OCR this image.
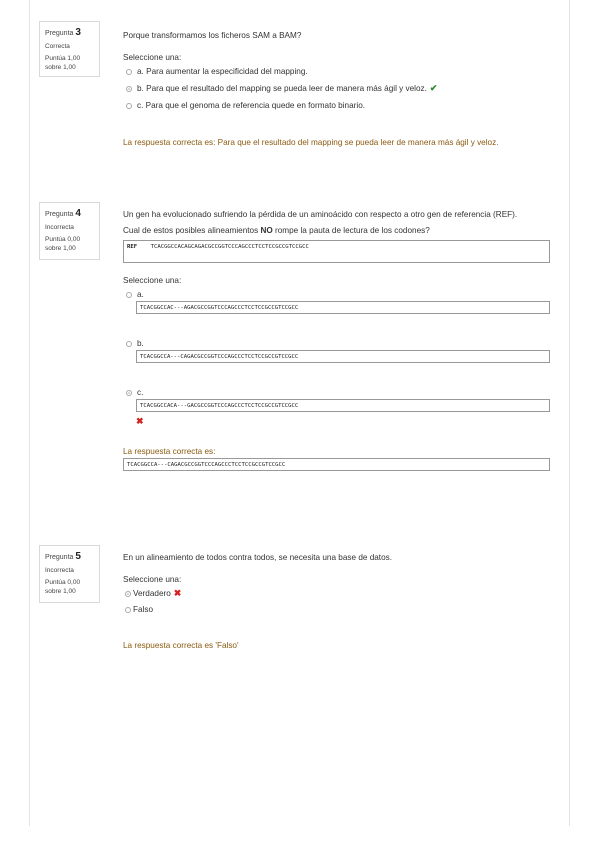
Pregunta 3
Correcta
Puntúa 1,00
sobre 1,00
Porque transformamos los ficheros SAM a BAM?
Seleccione una:
a. Para aumentar la especificidad del mapping.
b. Para que el resultado del mapping se pueda leer de manera más ágil y veloz. ✔
c. Para que el genoma de referencia quede en formato binario.
La respuesta correcta es: Para que el resultado del mapping se pueda leer de manera más ágil y veloz.
Pregunta 4
Incorrecta
Puntúa 0,00
sobre 1,00
Un gen ha evolucionado sufriendo la pérdida de un aminoácido con respecto a otro gen de referencia (REF).
Cual de estos posibles alineamientos NO rompe la pauta de lectura de los codones?
REF TCACGGCCACAGCAGACGCCGGTCCCAGCCCTCCTCCGCCGTCCGCC
Seleccione una:
a.
TCACGGCCAC---AGACGCCGGTCCCAGCCCTCCTCCGCCGTCCGCC
b.
TCACGGCCA---CAGACGCCGGTCCCAGCCCTCCTCCGCCGTCCGCC
c.
TCACGGCCACA---GACGCCGGTCCCAGCCCTCCTCCGCCGTCCGCC
✖
La respuesta correcta es:
TCACGGCCA---CAGACGCCGGTCCCAGCCCTCCTCCGCCGTCCGCC
Pregunta 5
Incorrecta
Puntúa 0,00
sobre 1,00
En un alineamiento de todos contra todos, se necesita una base de datos.
Seleccione una:
Verdadero ✖
Falso
La respuesta correcta es 'Falso'
